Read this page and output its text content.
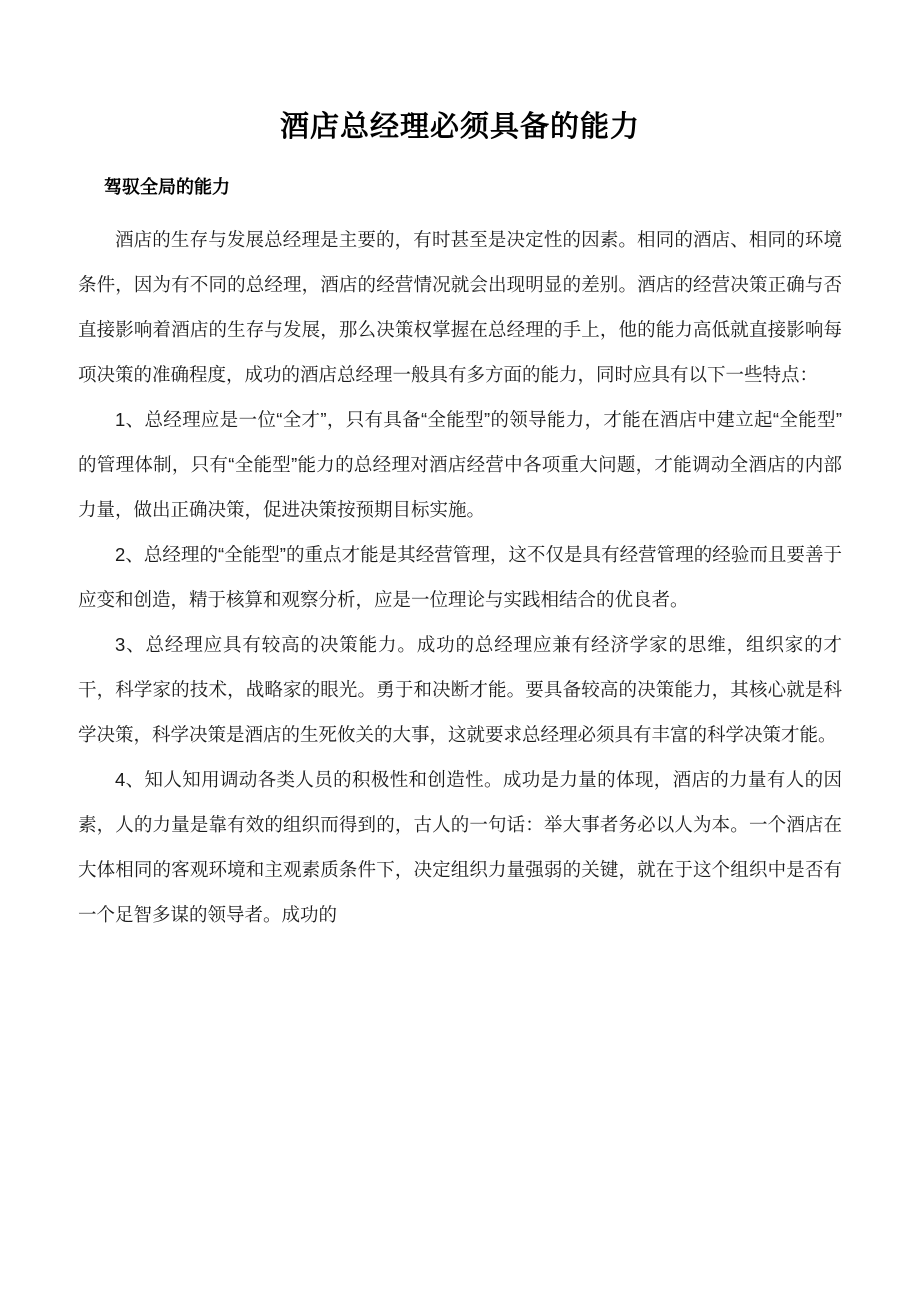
酒店总经理必须具备的能力
驾驭全局的能力

酒店的生存与发展总经理是主要的，有时甚至是决定性的因素。相同的酒店、相同的环境条件，因为有不同的总经理，酒店的经营情况就会出现明显的差别。酒店的经营决策正确与否直接影响着酒店的生存与发展，那么决策权掌握在总经理的手上，他的能力高低就直接影响每项决策的准确程度，成功的酒店总经理一般具有多方面的能力，同时应具有以下一些特点：

1、总经理应是一位“全才”，只有具备“全能型”的领导能力，才能在酒店中建立起“全能型”的管理体制，只有“全能型”能力的总经理对酒店经营中各项重大问题，才能调动全酒店的内部力量，做出正确决策，促进决策按预期目标实施。

2、总经理的“全能型”的重点才能是其经营管理，这不仅是具有经营管理的经验而且要善于应变和创造，精于核算和观察分析，应是一位理论与实践相结合的优良者。

3、总经理应具有较高的决策能力。成功的总经理应兼有经济学家的思维，组织家的才干，科学家的技术，战略家的眼光。勇于和决断才能。要具备较高的决策能力，其核心就是科学决策，科学决策是酒店的生死攸关的大事，这就要求总经理必须具有丰富的科学决策才能。

4、知人知用调动各类人员的积极性和创造性。成功是力量的体现，酒店的力量有人的因素，人的力量是靠有效的组织而得到的，古人的一句话：举大事者务必以人为本。一个酒店在大体相同的客观环境和主观素质条件下，决定组织力量强弱的关键，就在于这个组织中是否有一个足智多谋的领导者。成功的
